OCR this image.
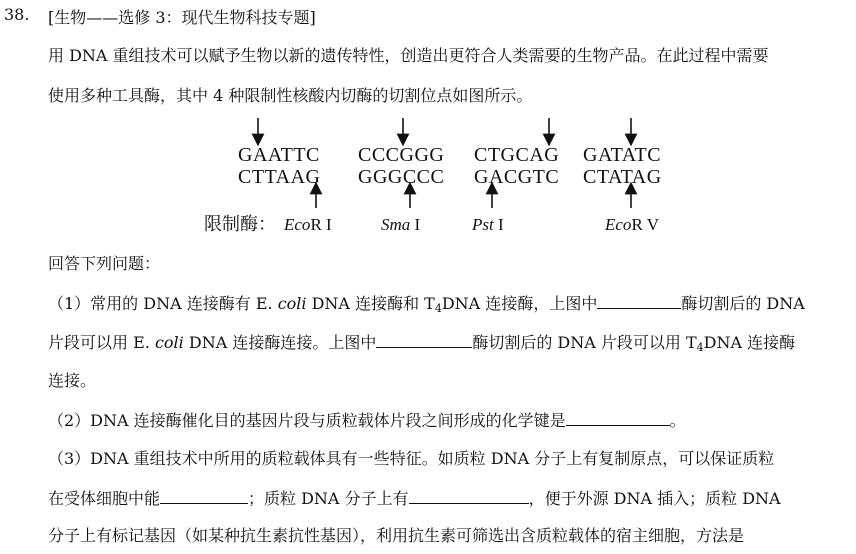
38. [生物——选修 3：现代生物科技专题]
用 DNA 重组技术可以赋予生物以新的遗传特性，创造出更符合人类需要的生物产品。在此过程中需要
使用多种工具酶，其中 4 种限制性核酸内切酶的切割位点如图所示。
GAATTC
CTTAAG
CCCGGG
GGGCCC
CTGCAG
GACGTC
GATATC
CTATAG
限制酶： EcoR I	Sma I	Pst I	EcoR V
回答下列问题：
（1）常用的 DNA 连接酶有 E. coli DNA 连接酶和 $T_4DNA$ 连接酶，上图中	酶切割后的 DNA
片段可以用 E. coli DNA 连接酶连接。上图中	酶切割后的 DNA 片段可以用 $T_4DNA$ 连接酶
连接。
（2）DNA 连接酶催化目的基因片段与质粒载体片段之间形成的化学键是	。
（3）DNA 重组技术中所用的质粒载体具有一些特征。如质粒 DNA 分子上有复制原点，可以保证质粒
在受体细胞中能	；质粒 DNA 分子上有	，便于外源 DNA 插入；质粒 DNA
分子上有标记基因（如某种抗生素抗性基因），利用抗生素可筛选出含质粒载体的宿主细胞，方法是
